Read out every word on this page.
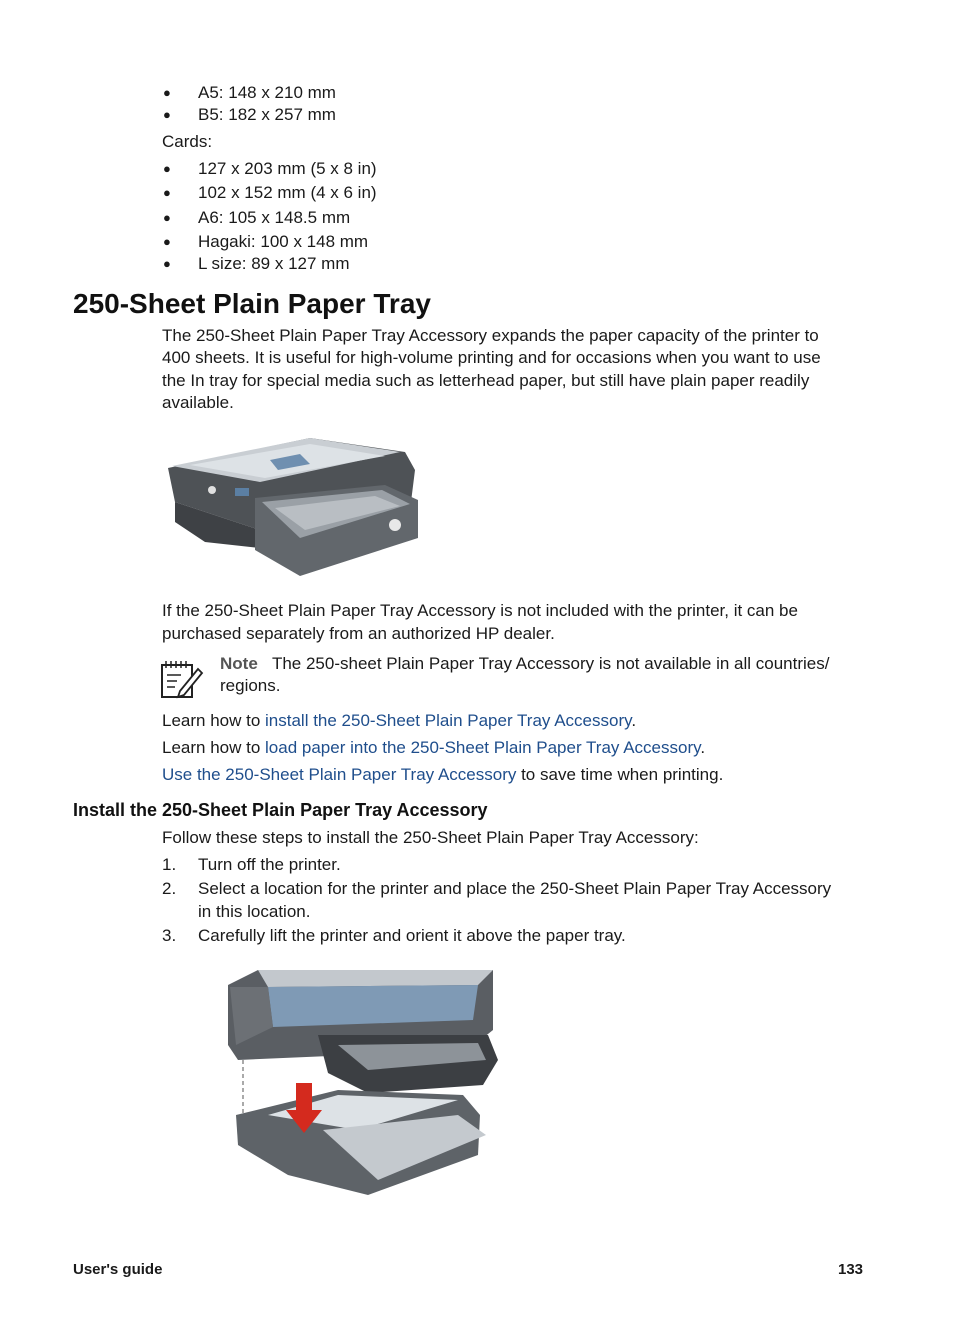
● A5: 148 x 210 mm
● B5: 182 x 257 mm
Cards:
● 127 x 203 mm (5 x 8 in)
● 102 x 152 mm (4 x 6 in)
● A6: 105 x 148.5 mm
● Hagaki: 100 x 148 mm
● L size: 89 x 127 mm
250-Sheet Plain Paper Tray
The 250-Sheet Plain Paper Tray Accessory expands the paper capacity of the printer to
400 sheets. It is useful for high-volume printing and for occasions when you want to use
the In tray for special media such as letterhead paper, but still have plain paper readily
available.
If the 250-Sheet Plain Paper Tray Accessory is not included with the printer, it can be
purchased separately from an authorized HP dealer.
Note The 250-sheet Plain Paper Tray Accessory is not available in all countries/
regions.
Learn how to install the 250-Sheet Plain Paper Tray Accessory.
Learn how to load paper into the 250-Sheet Plain Paper Tray Accessory.
Use the 250-Sheet Plain Paper Tray Accessory to save time when printing.
Install the 250-Sheet Plain Paper Tray Accessory
Follow these steps to install the 250-Sheet Plain Paper Tray Accessory:
1. Turn off the printer.
2. Select a location for the printer and place the 250-Sheet Plain Paper Tray Accessory
in this location.
3. Carefully lift the printer and orient it above the paper tray.
User's guide	133
